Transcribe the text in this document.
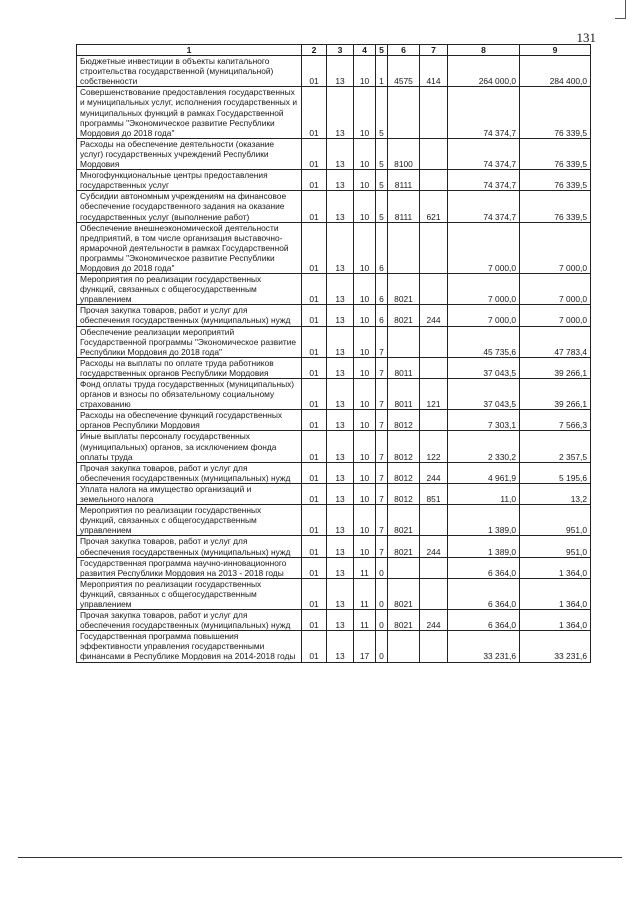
131
1	2	3	4	5	6	7	8	9
Бюджетные инвестиции в объекты капитального строительства государственной (муниципальной) собственности	01	13	10	1	4575	414	264 000,0	284 400,0
Совершенствование предоставления государственных и муниципальных услуг, исполнения государственных и муниципальных функций в рамках Государственной программы "Экономическое развитие Республики Мордовия до 2018 года"	01	13	10	5			74 374,7	76 339,5
Расходы на обеспечение деятельности (оказание услуг) государственных учреждений Республики Мордовия	01	13	10	5	8100		74 374,7	76 339,5
Многофункциональные центры предоставления государственных услуг	01	13	10	5	8111		74 374,7	76 339,5
Субсидии автономным учреждениям на финансовое обеспечение государственного задания на оказание государственных услуг (выполнение работ)	01	13	10	5	8111	621	74 374,7	76 339,5
Обеспечение внешнеэкономической деятельности предприятий, в том числе организация выставочно-ярмарочной деятельности в рамках Государственной программы "Экономическое развитие Республики Мордовия до 2018 года"	01	13	10	6			7 000,0	7 000,0
Мероприятия по реализации государственных функций, связанных с общегосударственным управлением	01	13	10	6	8021		7 000,0	7 000,0
Прочая закупка товаров, работ и услуг для обеспечения государственных (муниципальных) нужд	01	13	10	6	8021	244	7 000,0	7 000,0
Обеспечение реализации мероприятий Государственной программы "Экономическое развитие Республики Мордовия до 2018 года"	01	13	10	7			45 735,6	47 783,4
Расходы на выплаты по оплате труда работников государственных органов Республики Мордовия	01	13	10	7	8011		37 043,5	39 266,1
Фонд оплаты труда государственных (муниципальных) органов и взносы по обязательному социальному страхованию	01	13	10	7	8011	121	37 043,5	39 266,1
Расходы на обеспечение функций государственных органов Республики Мордовия	01	13	10	7	8012		7 303,1	7 566,3
Иные выплаты персоналу государственных (муниципальных) органов, за исключением фонда оплаты труда	01	13	10	7	8012	122	2 330,2	2 357,5
Прочая закупка товаров, работ и услуг для обеспечения государственных (муниципальных) нужд	01	13	10	7	8012	244	4 961,9	5 195,6
Уплата налога на имущество организаций и земельного налога	01	13	10	7	8012	851	11,0	13,2
Мероприятия по реализации государственных функций, связанных с общегосударственным управлением	01	13	10	7	8021		1 389,0	951,0
Прочая закупка товаров, работ и услуг для обеспечения государственных (муниципальных) нужд	01	13	10	7	8021	244	1 389,0	951,0
Государственная программа научно-инновационного развития Республики Мордовия на 2013 - 2018 годы	01	13	11	0			6 364,0	1 364,0
Мероприятия по реализации государственных функций, связанных с общегосударственным управлением	01	13	11	0	8021		6 364,0	1 364,0
Прочая закупка товаров, работ и услуг для обеспечения государственных (муниципальных) нужд	01	13	11	0	8021	244	6 364,0	1 364,0
Государственная программа повышения эффективности управления государственными финансами в Республике Мордовия на 2014-2018 годы	01	13	17	0			33 231,6	33 231,6
